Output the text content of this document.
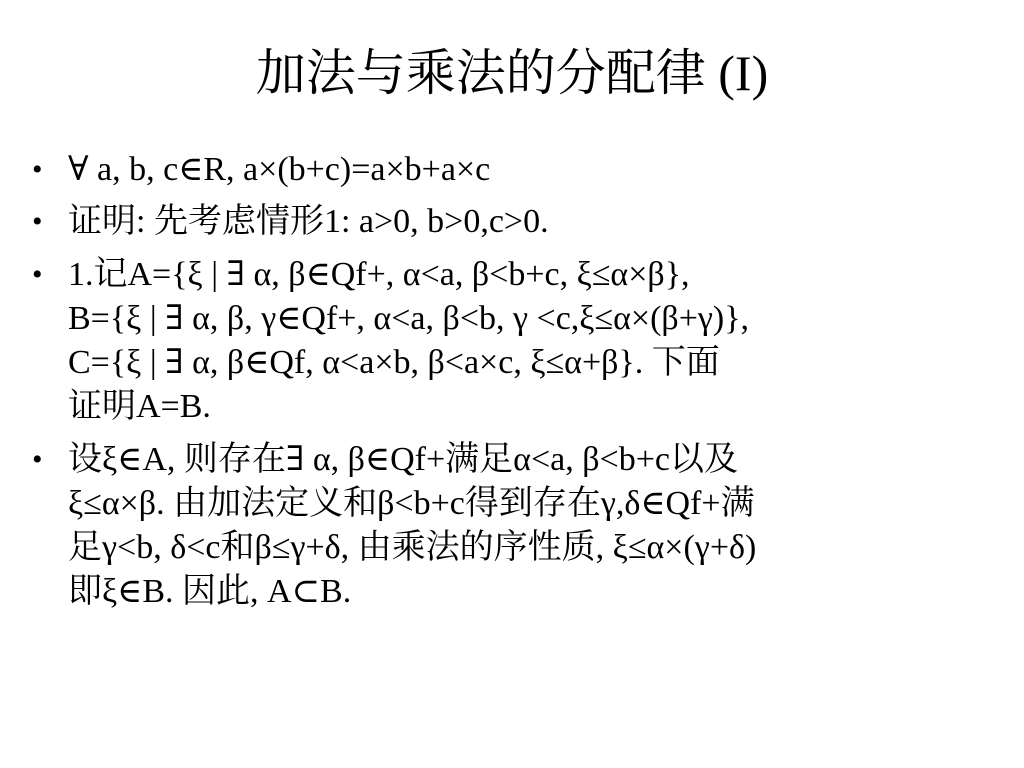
加法与乘法的分配律 (I)
• ∀ a, b, c∈R, a×(b+c)=a×b+a×c
• 证明: 先考虑情形1: a>0, b>0,c>0.
• 1.记A={ξ | ∃ α, β∈Qf+, α<a, β<b+c, ξ≤α×β},
B={ξ | ∃ α, β, γ∈Qf+, α<a, β<b, γ <c,ξ≤α×(β+γ)},
C={ξ | ∃ α, β∈Qf, α<a×b, β<a×c, ξ≤α+β}. 下面
证明A=B.
• 设ξ∈A, 则存在∃ α, β∈Qf+满足α<a, β<b+c以及
ξ≤α×β. 由加法定义和β<b+c得到存在γ,δ∈Qf+满
足γ<b, δ<c和β≤γ+δ, 由乘法的序性质, ξ≤α×(γ+δ)
即ξ∈B. 因此, A⊂B.
